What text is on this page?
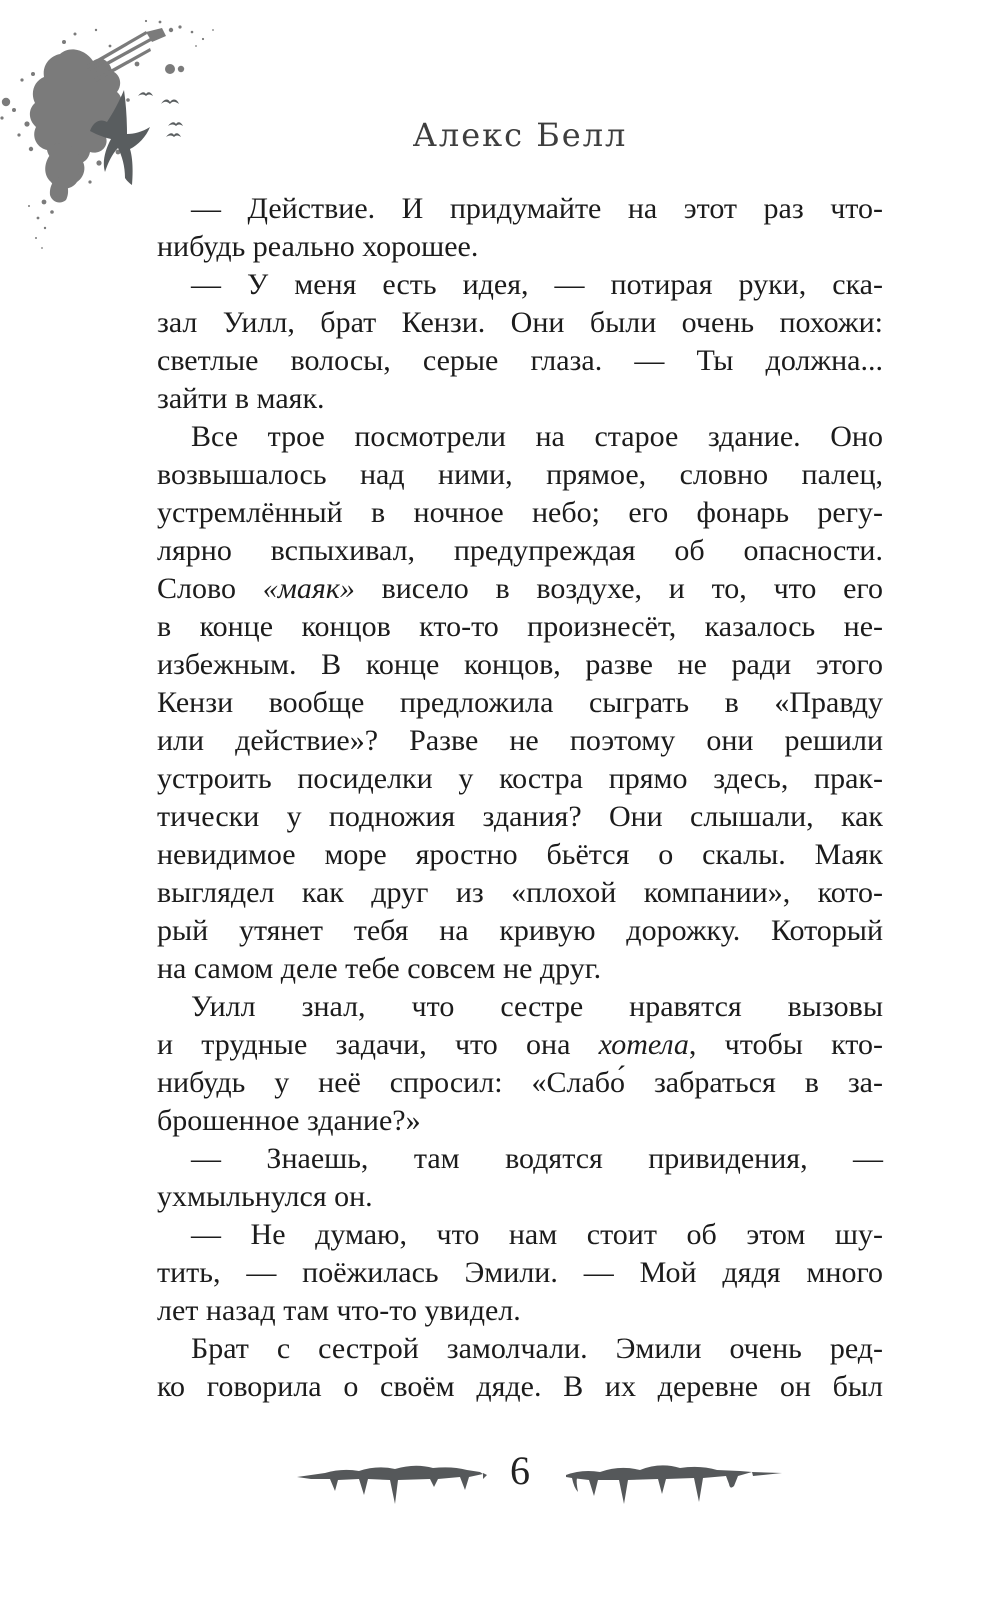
Алекс Белл
— Действие. И придумайте на этот раз что-
нибудь реально хорошее.
— У меня есть идея, — потирая руки, ска-
зал Уилл, брат Кензи. Они были очень похожи:
светлые волосы, серые глаза. — Ты должна...
зайти в маяк.
Все трое посмотрели на старое здание. Оно
возвышалось над ними, прямое, словно палец,
устремлённый в ночное небо; его фонарь регу-
лярно вспыхивал, предупреждая об опасности.
Слово «маяк» висело в воздухе, и то, что его
в конце концов кто-то произнесёт, казалось не-
избежным. В конце концов, разве не ради этого
Кензи вообще предложила сыграть в «Правду
или действие»? Разве не поэтому они решили
устроить посиделки у костра прямо здесь, прак-
тически у подножия здания? Они слышали, как
невидимое море яростно бьётся о скалы. Маяк
выглядел как друг из «плохой компании», кото-
рый утянет тебя на кривую дорожку. Который
на самом деле тебе совсем не друг.
Уилл знал, что сестре нравятся вызовы
и трудные задачи, что она хотела, чтобы кто-
нибудь у неё спросил: «Слабо́ забраться в за-
брошенное здание?»
— Знаешь, там водятся привидения, —
ухмыльнулся он.
— Не думаю, что нам стоит об этом шу-
тить, — поёжилась Эмили. — Мой дядя много
лет назад там что-то увидел.
Брат с сестрой замолчали. Эмили очень ред-
ко говорила о своём дяде. В их деревне он был
6
